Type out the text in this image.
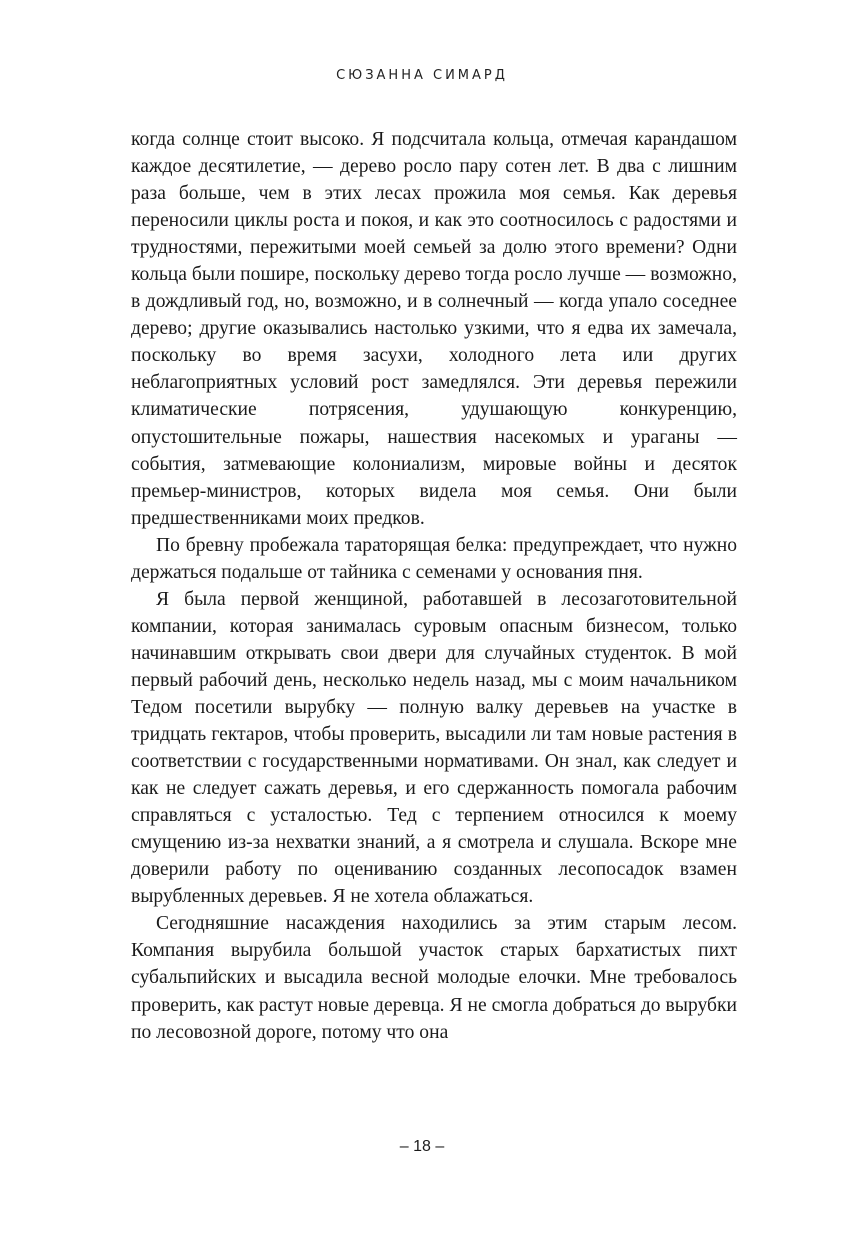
СЮЗАННА СИМАРД

когда солнце стоит высоко. Я подсчитала кольца, отмечая карандашом каждое десятилетие, — дерево росло пару сотен лет. В два с лишним раза больше, чем в этих лесах прожила моя семья. Как деревья переносили циклы роста и покоя, и как это соотносилось с радостями и трудностями, пережитыми моей семьей за долю этого времени? Одни кольца были пошире, поскольку дерево тогда росло лучше — возможно, в дождливый год, но, возможно, и в солнечный — когда упало соседнее дерево; другие оказывались настолько узкими, что я едва их замечала, поскольку во время засухи, холодного лета или других неблагоприятных условий рост замедлялся. Эти деревья пережили климатические потрясения, удушающую конкуренцию, опустошительные пожары, нашествия насекомых и ураганы — события, затмевающие колониализм, мировые войны и десяток премьер-министров, которых видела моя семья. Они были предшественниками моих предков.

По бревну пробежала тараторящая белка: предупреждает, что нужно держаться подальше от тайника с семенами у основания пня.

Я была первой женщиной, работавшей в лесозаготовительной компании, которая занималась суровым опасным бизнесом, только начинавшим открывать свои двери для случайных студенток. В мой первый рабочий день, несколько недель назад, мы с моим начальником Тедом посетили вырубку — полную валку деревьев на участке в тридцать гектаров, чтобы проверить, высадили ли там новые растения в соответствии с государственными нормативами. Он знал, как следует и как не следует сажать деревья, и его сдержанность помогала рабочим справляться с усталостью. Тед с терпением относился к моему смущению из-за нехватки знаний, а я смотрела и слушала. Вскоре мне доверили работу по оцениванию созданных лесопосадок взамен вырубленных деревьев. Я не хотела облажаться.

Сегодняшние насаждения находились за этим старым лесом. Компания вырубила большой участок старых бархатистых пихт субальпийских и высадила весной молодые елочки. Мне требовалось проверить, как растут новые деревца. Я не смогла добраться до вырубки по лесовозной дороге, потому что она

– 18 –
